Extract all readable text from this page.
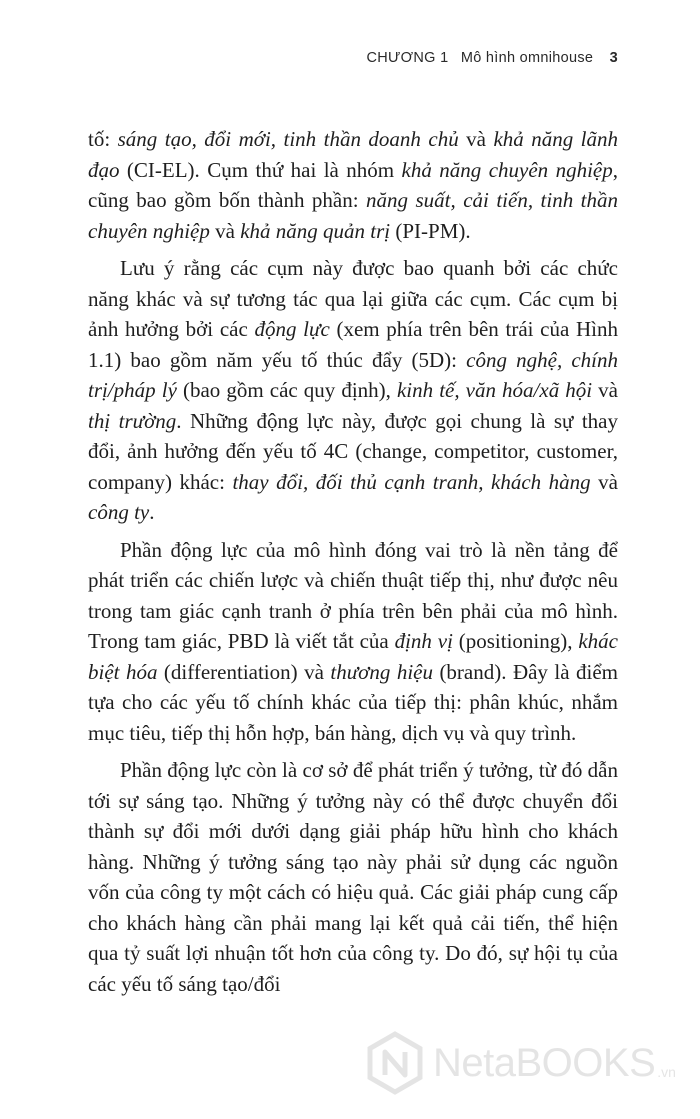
CHƯƠNG 1 Mô hình omnihouse 3

tố: sáng tạo, đổi mới, tinh thần doanh chủ và khả năng lãnh đạo (CI-EL). Cụm thứ hai là nhóm khả năng chuyên nghiệp, cũng bao gồm bốn thành phần: năng suất, cải tiến, tinh thần chuyên nghiệp và khả năng quản trị (PI-PM).

Lưu ý rằng các cụm này được bao quanh bởi các chức năng khác và sự tương tác qua lại giữa các cụm. Các cụm bị ảnh hưởng bởi các động lực (xem phía trên bên trái của Hình 1.1) bao gồm năm yếu tố thúc đẩy (5D): công nghệ, chính trị/pháp lý (bao gồm các quy định), kinh tế, văn hóa/xã hội và thị trường. Những động lực này, được gọi chung là sự thay đổi, ảnh hưởng đến yếu tố 4C (change, competitor, customer, company) khác: thay đổi, đối thủ cạnh tranh, khách hàng và công ty.

Phần động lực của mô hình đóng vai trò là nền tảng để phát triển các chiến lược và chiến thuật tiếp thị, như được nêu trong tam giác cạnh tranh ở phía trên bên phải của mô hình. Trong tam giác, PBD là viết tắt của định vị (positioning), khác biệt hóa (differentiation) và thương hiệu (brand). Đây là điểm tựa cho các yếu tố chính khác của tiếp thị: phân khúc, nhắm mục tiêu, tiếp thị hỗn hợp, bán hàng, dịch vụ và quy trình.

Phần động lực còn là cơ sở để phát triển ý tưởng, từ đó dẫn tới sự sáng tạo. Những ý tưởng này có thể được chuyển đổi thành sự đổi mới dưới dạng giải pháp hữu hình cho khách hàng. Những ý tưởng sáng tạo này phải sử dụng các nguồn vốn của công ty một cách có hiệu quả. Các giải pháp cung cấp cho khách hàng cần phải mang lại kết quả cải tiến, thể hiện qua tỷ suất lợi nhuận tốt hơn của công ty. Do đó, sự hội tụ của các yếu tố sáng tạo/đổi

NetaBOOKS .vn
